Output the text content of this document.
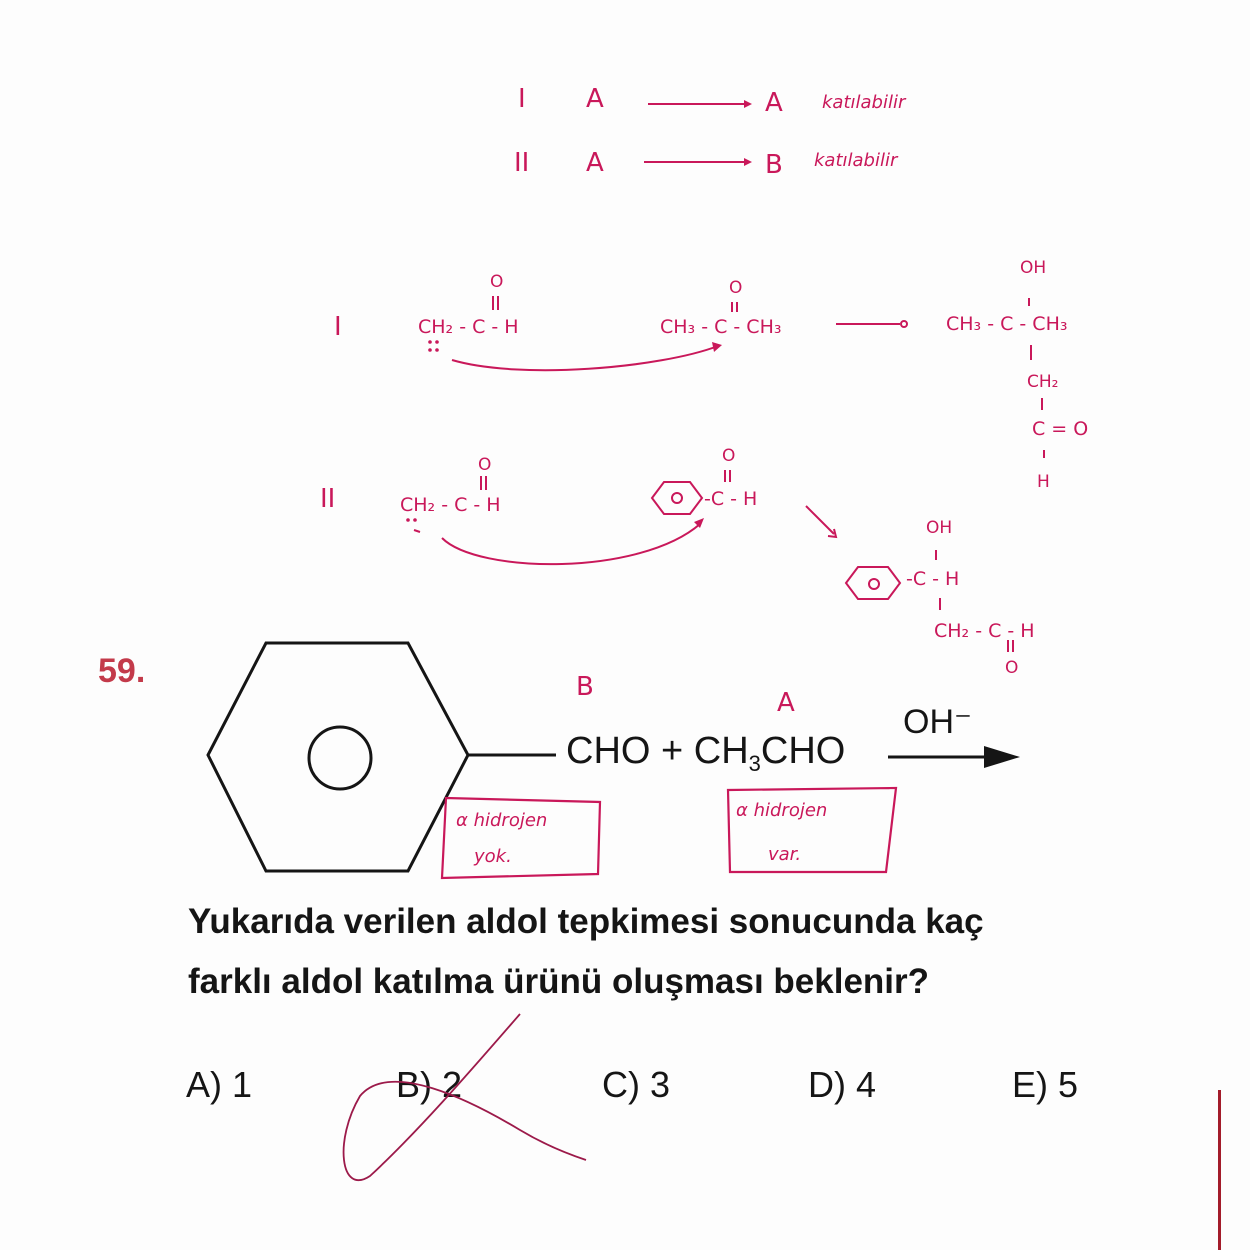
I A	A katılabilir
II A	B katılabilir
I
O
CH₂ - C - H
O
CH₃ - C - CH₃
OH
CH₃ - C - CH₃
CH₂
C = O
H
II
O
CH₂ - C - H
O
-C - H
OH
-C - H
CH₂ - C - H
O
B
A
α hidrojen
yok.
α hidrojen
var.
59.
CHO + $CH_3CHO$
OH⁻
Yukarıda verilen aldol tepkimesi sonucunda kaç
farklı aldol katılma ürünü oluşması beklenir?
A) 1	B) 2	C) 3	D) 4	E) 5
